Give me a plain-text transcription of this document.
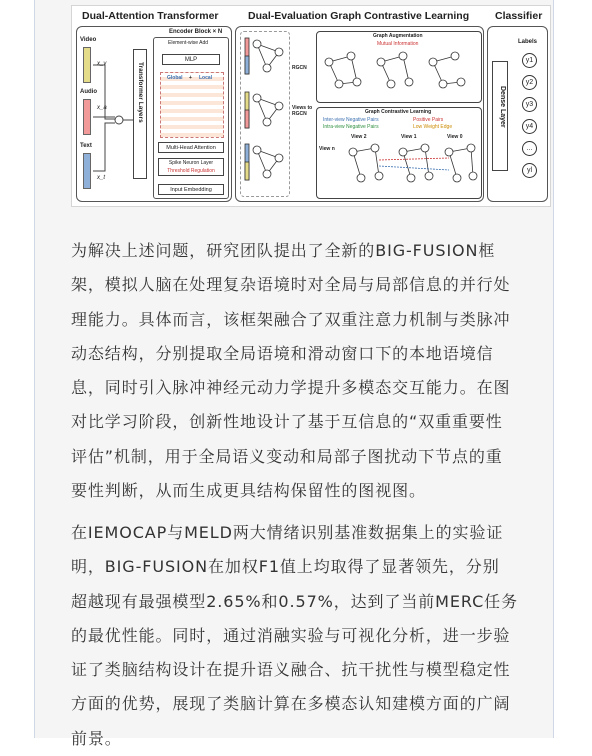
Dual-Attention Transformer	Dual-Evaluation Graph Contrastive Learning Classifier
Video
Audio
Text
x_v
x_a
x_t
Transformer Layers
Encoder Block × N
Element-wise Add
MLP
Global + Local
Multi-Head Attention
Spike Neuron Layer
Threshold Regulation
Input Embedding
RGCN
Views to RGCN
Graph Augmentation
Mutual Information
Graph Contrastive Learning
Inter-view Negative Pairs	Positive Pairs
Intra-view Negative Pairs	Low Weight Edge
View n
View 2	View 1	View 0
Dense Layer
Labels
y1
y2
y3
y4
...
yl
为解决上述问题，研究团队提出了全新的BIG-FUSION框
架，模拟人脑在处理复杂语境时对全局与局部信息的并行处
理能力。具体而言，该框架融合了双重注意力机制与类脉冲
动态结构，分别提取全局语境和滑动窗口下的本地语境信
息，同时引入脉冲神经元动力学提升多模态交互能力。在图
对比学习阶段，创新性地设计了基于互信息的“双重重要性
评估”机制，用于全局语义变动和局部子图扰动下节点的重
要性判断，从而生成更具结构保留性的图视图。
在IEMOCAP与MELD两大情绪识别基准数据集上的实验证
明，BIG-FUSION在加权F1值上均取得了显著领先，分别
超越现有最强模型2.65%和0.57%，达到了当前MERC任务
的最优性能。同时，通过消融实验与可视化分析，进一步验
证了类脑结构设计在提升语义融合、抗干扰性与模型稳定性
方面的优势，展现了类脑计算在多模态认知建模方面的广阔
前景。
